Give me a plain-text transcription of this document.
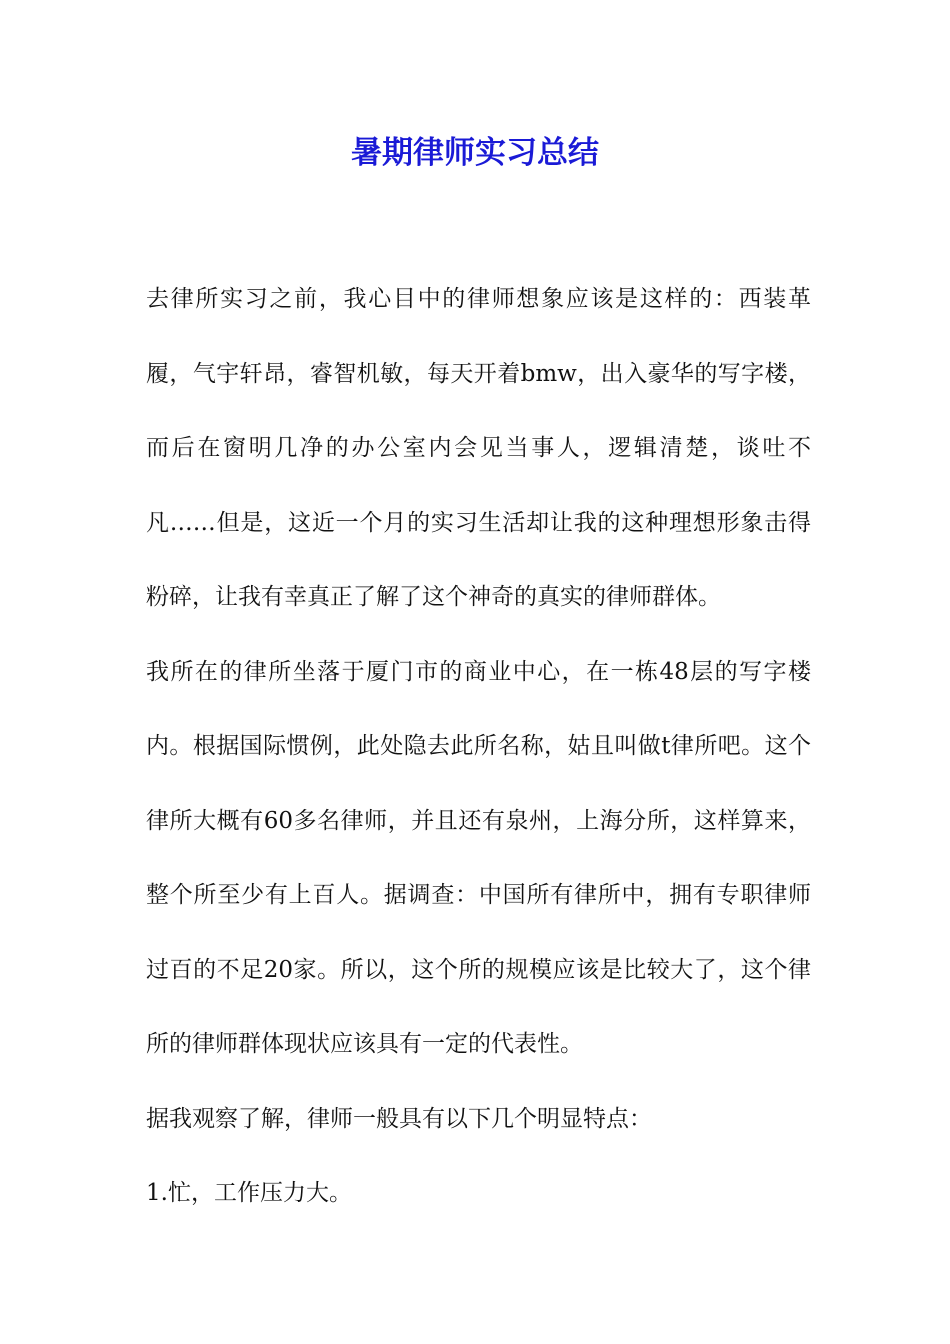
暑期律师实习总结

去律所实习之前，我心目中的律师想象应该是这样的：西装革履，气宇轩昂，睿智机敏，每天开着bmw，出入豪华的写字楼，而后在窗明几净的办公室内会见当事人，逻辑清楚，谈吐不凡……但是，这近一个月的实习生活却让我的这种理想形象击得粉碎，让我有幸真正了解了这个神奇的真实的律师群体。

我所在的律所坐落于厦门市的商业中心，在一栋48层的写字楼内。根据国际惯例，此处隐去此所名称，姑且叫做t律所吧。这个律所大概有60多名律师，并且还有泉州，上海分所，这样算来，整个所至少有上百人。据调查：中国所有律所中，拥有专职律师过百的不足20家。所以，这个所的规模应该是比较大了，这个律所的律师群体现状应该具有一定的代表性。

据我观察了解，律师一般具有以下几个明显特点：

1.忙，工作压力大。
